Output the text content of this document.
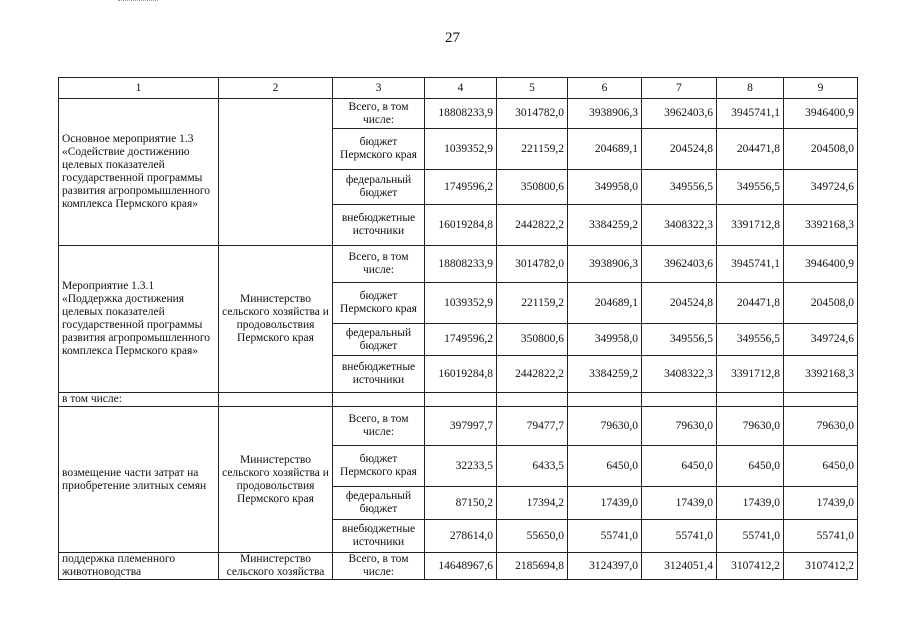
27
1	2	3	4	5	6	7	8	9
Основное мероприятие 1.3 «Содействие достижению целевых показателей государственной программы развития агропромышленного комплекса Пермского края»		Всего, в том числе:	18808233,9	3014782,0	3938906,3	3962403,6	3945741,1	3946400,9
		бюджет Пермского края	1039352,9	221159,2	204689,1	204524,8	204471,8	204508,0
		федеральный бюджет	1749596,2	350800,6	349958,0	349556,5	349556,5	349724,6
		внебюджетные источники	16019284,8	2442822,2	3384259,2	3408322,3	3391712,8	3392168,3
Мероприятие 1.3.1 «Поддержка достижения целевых показателей государственной программы развития агропромышленного комплекса Пермского края»	Министерство сельского хозяйства и продовольствия Пермского края	Всего, в том числе:	18808233,9	3014782,0	3938906,3	3962403,6	3945741,1	3946400,9
		бюджет Пермского края	1039352,9	221159,2	204689,1	204524,8	204471,8	204508,0
		федеральный бюджет	1749596,2	350800,6	349958,0	349556,5	349556,5	349724,6
		внебюджетные источники	16019284,8	2442822,2	3384259,2	3408322,3	3391712,8	3392168,3
в том числе:								
возмещение части затрат на приобретение элитных семян	Министерство сельского хозяйства и продовольствия Пермского края	Всего, в том числе:	397997,7	79477,7	79630,0	79630,0	79630,0	79630,0
		бюджет Пермского края	32233,5	6433,5	6450,0	6450,0	6450,0	6450,0
		федеральный бюджет	87150,2	17394,2	17439,0	17439,0	17439,0	17439,0
		внебюджетные источники	278614,0	55650,0	55741,0	55741,0	55741,0	55741,0
поддержка племенного животноводства	Министерство сельского хозяйства	Всего, в том числе:	14648967,6	2185694,8	3124397,0	3124051,4	3107412,2	3107412,2
